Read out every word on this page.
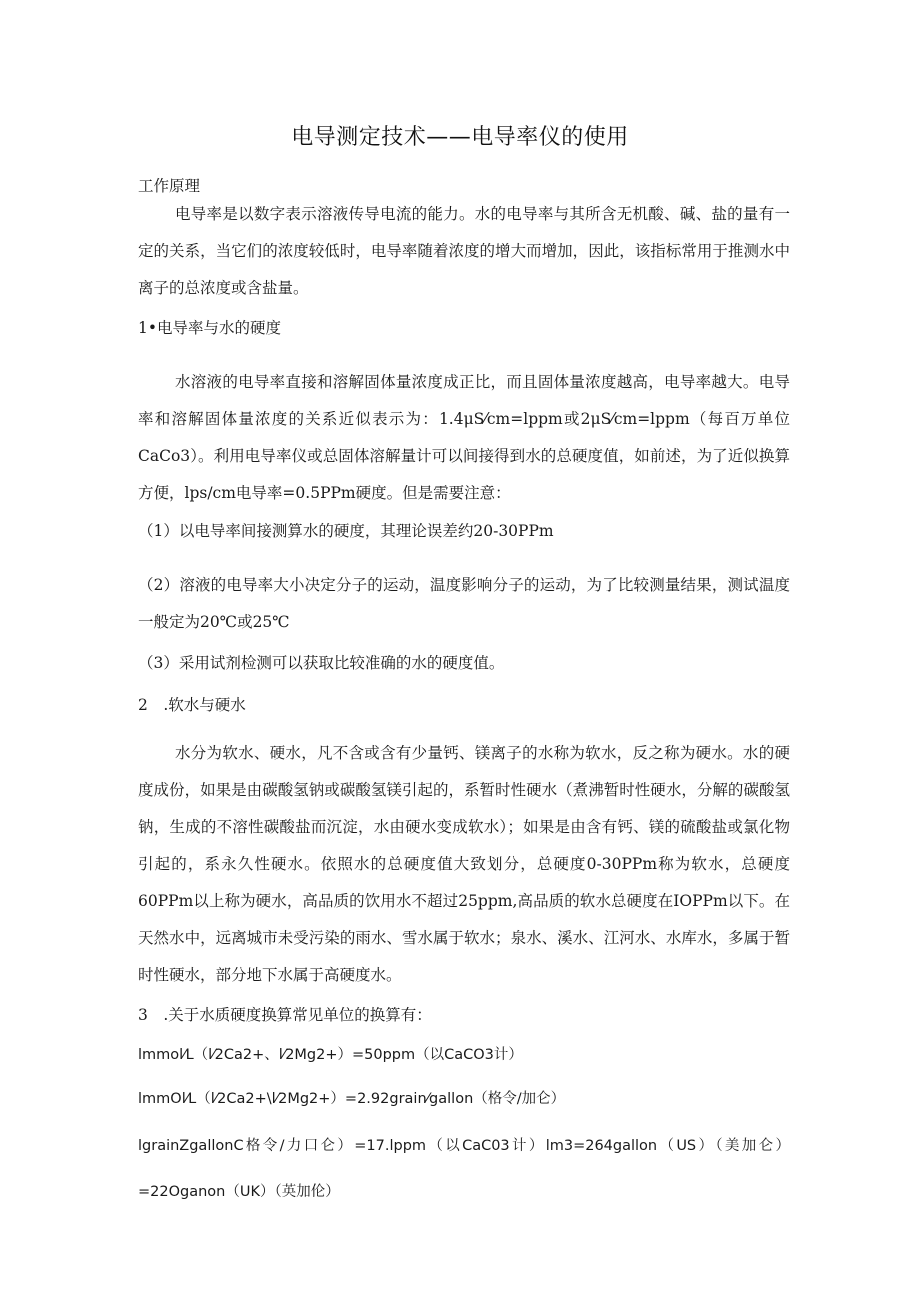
电导测定技术——电导率仪的使用
工作原理
电导率是以数字表示溶液传导电流的能力。水的电导率与其所含无机酸、碱、盐的量有一定的关系，当它们的浓度较低时，电导率随着浓度的增大而增加，因此，该指标常用于推测水中离子的总浓度或含盐量。
1•电导率与水的硬度
水溶液的电导率直接和溶解固体量浓度成正比，而且固体量浓度越高，电导率越大。电导率和溶解固体量浓度的关系近似表示为：1.4μS⁄cm=lppm或2μS⁄cm=lppm（每百万单位CaCo3）。利用电导率仪或总固体溶解量计可以间接得到水的总硬度值，如前述，为了近似换算方便，lps/cm电导率=0.5PPm硬度。但是需要注意：
（1）以电导率间接测算水的硬度，其理论误差约20-30PPm
（2）溶液的电导率大小决定分子的运动，温度影响分子的运动，为了比较测量结果，测试温度一般定为20℃或25℃
（3）采用试剂检测可以获取比较准确的水的硬度值。
2　.软水与硬水
水分为软水、硬水，凡不含或含有少量钙、镁离子的水称为软水，反之称为硬水。水的硬度成份，如果是由碳酸氢钠或碳酸氢镁引起的，系暂时性硬水（煮沸暂时性硬水，分解的碳酸氢钠，生成的不溶性碳酸盐而沉淀，水由硬水变成软水）；如果是由含有钙、镁的硫酸盐或氯化物引起的，系永久性硬水。依照水的总硬度值大致划分，总硬度0-30PPm称为软水，总硬度60PPm以上称为硬水，高品质的饮用水不超过25ppm,高品质的软水总硬度在IOPPm以下。在天然水中，远离城市未受污染的雨水、雪水属于软水；泉水、溪水、江河水、水库水，多属于暂时性硬水，部分地下水属于高硬度水。
3　.关于水质硬度换算常见单位的换算有：
lmmol⁄L（l⁄2Ca2+、l⁄2Mg2+）=50ppm（以CaCO3计）
lmmOl⁄L（l⁄2Ca2+\l⁄2Mg2+）=2.92grain⁄gallon（格令/加仑）
lgrainZgallonC格令/力口仑）=17.lppm（以CaC03计）lm3=264gallon（US）（美加仑）=22Oganon（UK）（英加伦）
